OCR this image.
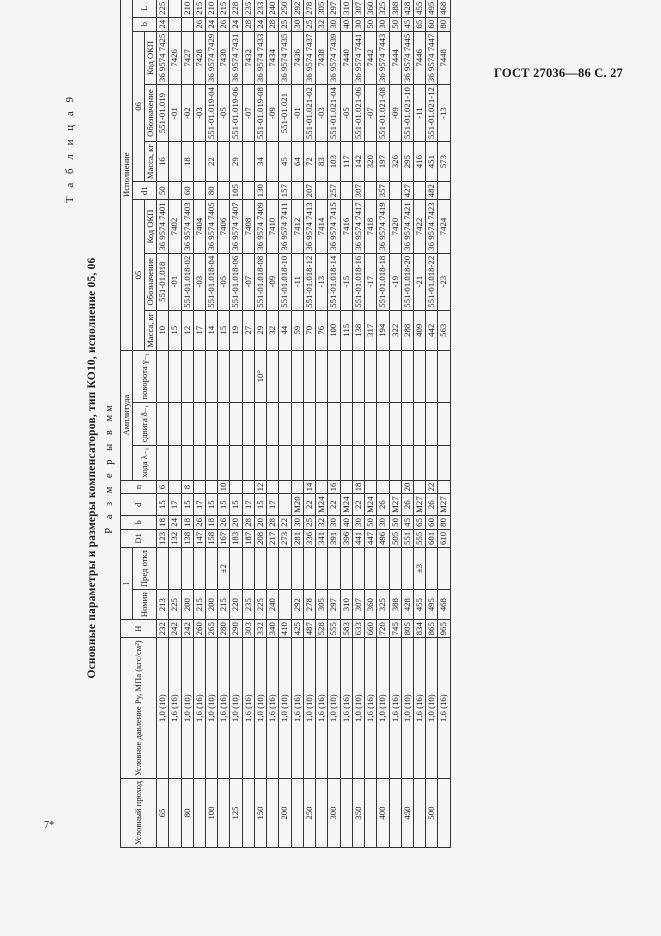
ГОСТ 27036—86 С. 27
7*
Т а б л и ц а 9
Основные параметры и размеры компенсаторов, тип КО10, исполнение 05, 06 Р а з м е р ы в мм
Условный проход	Условное давление Pу, МПа (кгс/см²)	H	l		D1	b	d	n	Амплитуда			Исполнение								
			Номин	Пред откл					хода λ₋₁	сдвига δ₋₁	поворота γ₋₁	05			d1	06			b	L
												Масса, кг	Обозначение	Код ОКП		Масса, кг	Обозначение	Код ОКП		
65	1,0 (10)	232	213		123	18	15	6				10	551-01.018	36 9574 7401	50	16	551-01.019	36 9574 7425	24	225
	1,6 (16)	242	225		132	24	17					15	-01	7402			-01	7426		
80	1,0 (10)	242	200		138	18	15	8				12	551-01.018-02	36 9574 7403	60	18	-02	7427		210
	1,6 (16)	260	215		147	26	17					17	-03	7404			-03	7428	26	215
100	1,0 (10)	265	200		158	18	15					14	551-01.018-04	36 9574 7405	80	22	551-01.019-04	36 9574 7429	24	210
	1,6 (16)	280	215	±2	167	26	15	10				15	-05	7406			-05	7430	26	215
125	1,0 (10)	290	220		183	20	15					19	551-01.018-06	36 9574 7407	105	29	551-01.019-06	36 9574 7431	24	228
	1,6 (16)	303	235		187	28	17					27	-07	7408			-07	7432	28	235
150	1,0 (10)	332	225		208	20	15	12			10°	29	551-01.018-08	36 9574 7409	130	34	551-01.019-08	36 9574 7433	24	233
	1,6 (16)	340	240		217	28	17					32	-09	7410			-09	7434	28	240
200	1,0 (10)	410			273	22						44	551-01.018-10	36 9574 7411	157	45	551-01.021	36 9574 7435	25	250
	1,6 (16)	425	292		281	30	М20					59	-11	7412		64	-01	7436	30	292
250	1,0 (10)	487	278		336	25	22	14				70	551-01.018-12	36 9574 7413	207	72	551-01.021-02	36 9574 7437	25	278
	1,6 (16)	528	305		341	32	М24					76	-13	7414		83	-03	7438	32	305
300	1,0 (10)	555	297		391	30	22	16				100	551-01.018-14	36 9574 7415	257	103	551-01.021-04	36 9574 7439	30	297
	1,6 (16)	583	310		396	40	М24					115	-15	7416		117	-05	7440	40	310
350	1,0 (10)	633	307		441	30	22	18				138	551-01.018-16	36 9574 7417	307	142	551-01.021-06	36 9574 7441	30	307
	1,6 (16)	660	360		447	50	М24					317	-17	7418		320	-07	7442	50	360
400	1,0 (10)	720	325		496	30	26					194	551-01.018-18	36 9574 7419	357	197	551-01.021-08	36 9574 7443	30	325
	1,6 (16)	745	388		505	50	М27					322	-19	7420		326	-09	7444	50	388
450	1,0 (10)	805	428		551	45	26	20				288	551-01.018-20	36 9574 7421	427	295	551-01.021-10	36 9574 7445	45	428
	1,6 (16)	834	455	±3	555	65	М27					409	-21	7422		416	-11	7446	65	455
500	1,0 (10)	865	495		601	60	26	22				442	551-01.018-22	36 9574 7423	482	451	551-01.021-12	36 9574 7447	60	495
	1,6 (16)	965	468		610	80	М27					563	-23	7424		573	-13	7448	80	468
